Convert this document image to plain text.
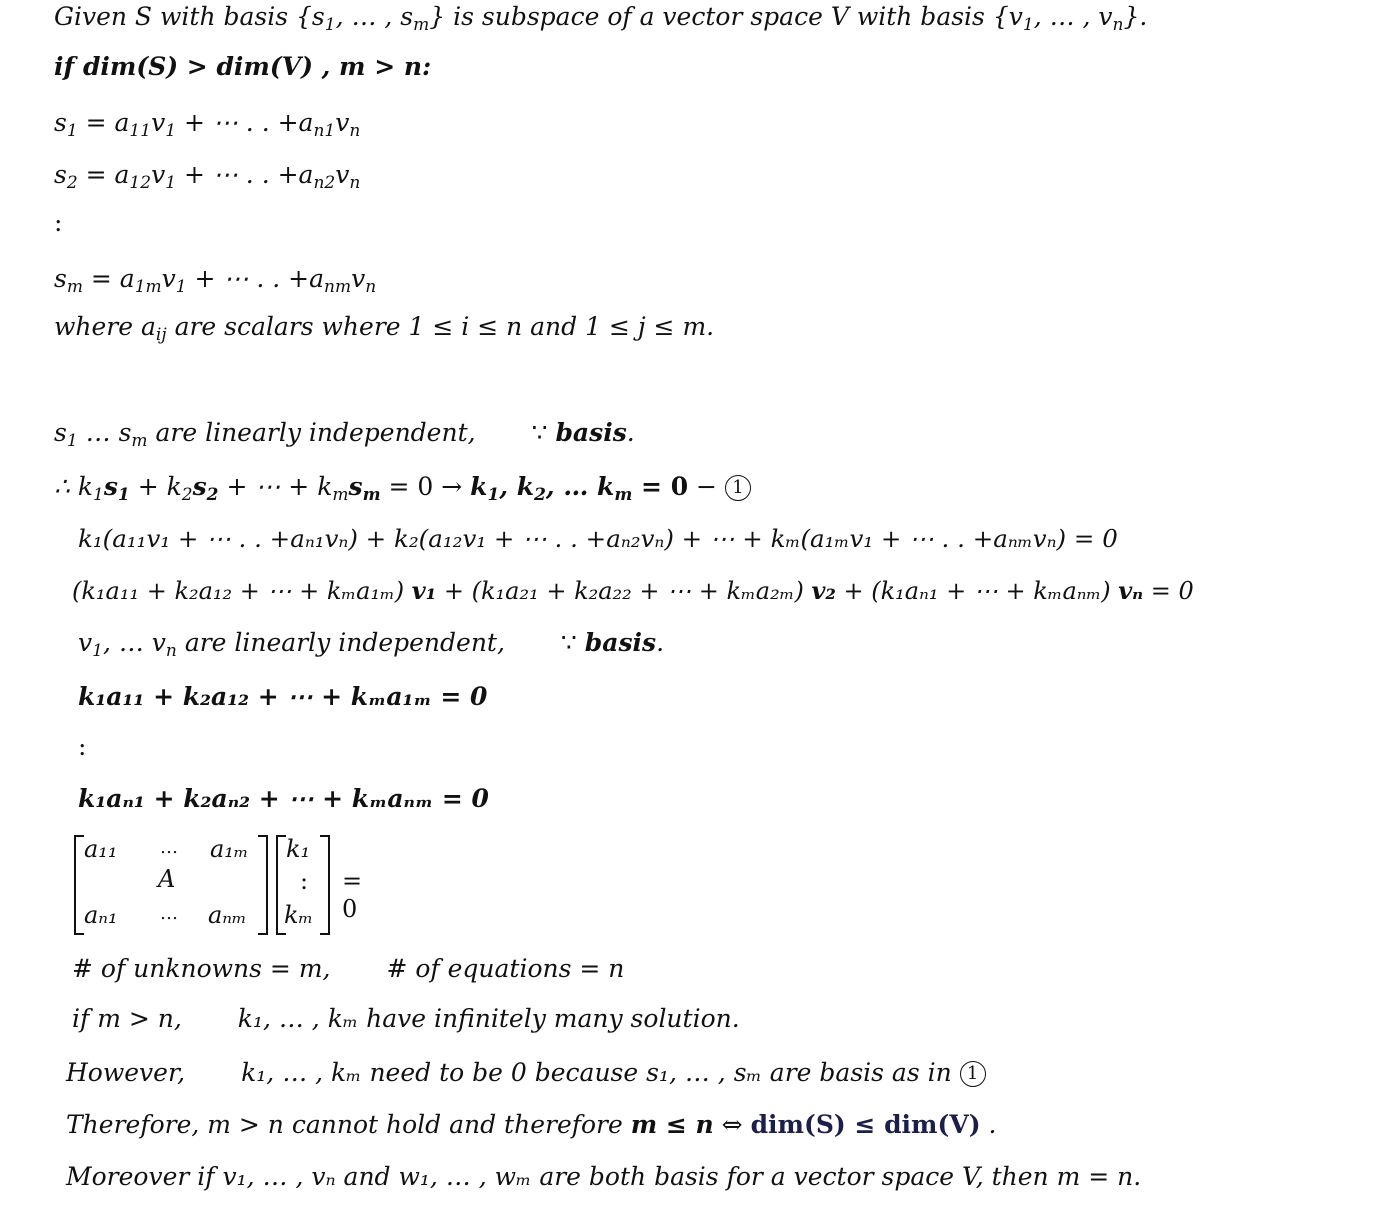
Given S with basis {$s_1$, … , $s_m$} is subspace of a vector space V with basis {$v_1$, … , $v_n$}.
if dim(S) > dim(V) , m > n:
$s_1 = a_{11}v_1$ + ⋯ . . $+a_{n1}v_n$
$s_2 = a_{12}v_1$ + ⋯ . . $+a_{n2}v_n$
:
$s_m = a_{1m}v_1$ + ⋯ . . $+a_{nm}v_n$
where $a_{ij}$ are scalars where 1 ≤ i ≤ n and 1 ≤ j ≤ m.
$s_1$ … $s_m$ are linearly independent, ∵ basis.
∴ $k_1s_1 + k_2s_2$ + ⋯ + $k_ms_m = 0 \to k_1$, $k_2$, … $k_m = 0 - 1$
k₁(a₁₁v₁ + ⋯ . . +aₙ₁vₙ) + k₂(a₁₂v₁ + ⋯ . . +aₙ₂vₙ) + ⋯ + kₘ(a₁ₘv₁ + ⋯ . . +aₙₘvₙ) = 0
(k₁a₁₁ + k₂a₁₂ + ⋯ + kₘa₁ₘ) v₁ + (k₁a₂₁ + k₂a₂₂ + ⋯ + kₘa₂ₘ) v₂ + (k₁aₙ₁ + ⋯ + kₘaₙₘ) vₙ = 0
$v_1$, … $v_n$ are linearly independent, ∵ basis.
k₁a₁₁ + k₂a₁₂ + ⋯ + kₘa₁ₘ = 0
:
k₁aₙ₁ + k₂aₙ₂ + ⋯ + kₘaₙₘ = 0
a₁₁ … a₁ₘ
A
aₙ₁ … aₙₘ
k₁
:
kₘ
= 0
# of unknowns = m, # of equations = n
if m > n, k₁, … , kₘ have infinitely many solution.
However, k₁, … , kₘ need to be 0 because s₁, … , sₘ are basis as in 1
Therefore, m > n cannot hold and therefore m ≤ n ⇔ dim(S) ≤ dim(V) .
Moreover if v₁, … , vₙ and w₁, … , wₘ are both basis for a vector space V, then m = n.
